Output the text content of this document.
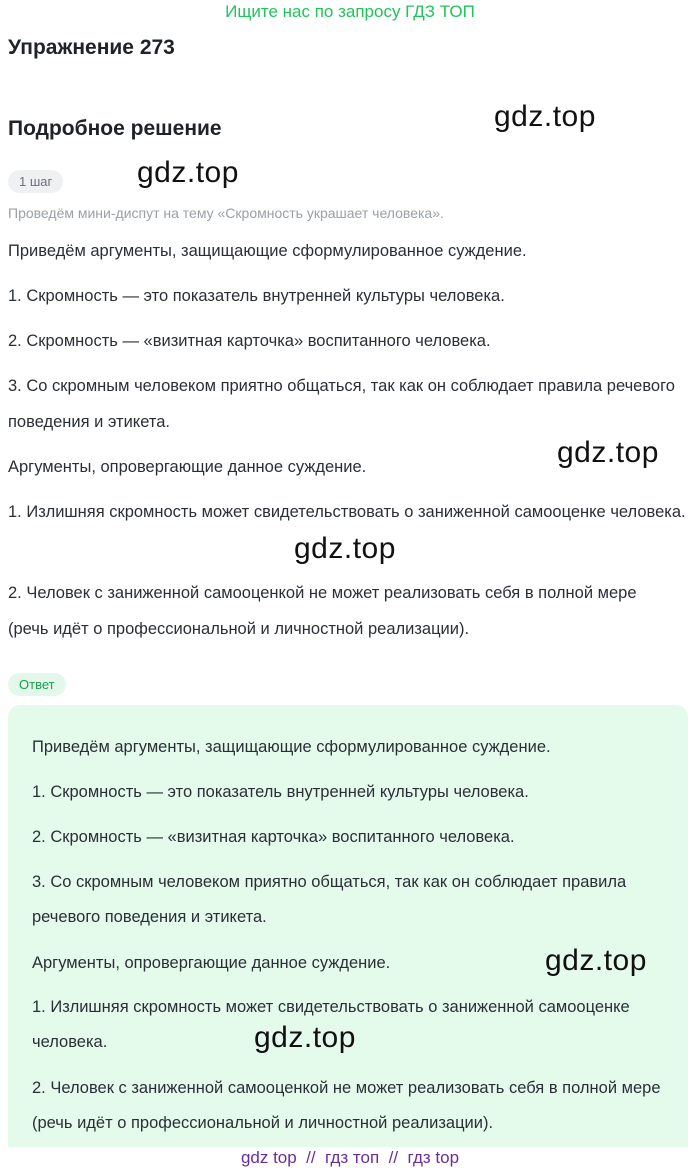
Ищите нас по запросу ГДЗ ТОП
Упражнение 273
gdz.top
Подробное решение
1 шаг	gdz.top
Проведём мини-диспут на тему «Скромность украшает человека».

Приведём аргументы, защищающие сформулированное суждение.

1. Скромность — это показатель внутренней культуры человека.

2. Скромность — «визитная карточка» воспитанного человека.

3. Со скромным человеком приятно общаться, так как он соблюдает правила речевого поведения и этикета.

Аргументы, опровергающие данное суждение.	gdz.top

1. Излишняя скромность может свидетельствовать о заниженной самооценке человека.

gdz.top

2. Человек с заниженной самооценкой не может реализовать себя в полной мере (речь идёт о профессиональной и личностной реализации).

Ответ

Приведём аргументы, защищающие сформулированное суждение.

1. Скромность — это показатель внутренней культуры человека.

2. Скромность — «визитная карточка» воспитанного человека.

3. Со скромным человеком приятно общаться, так как он соблюдает правила речевого поведения и этикета.

Аргументы, опровергающие данное суждение.	gdz.top

1. Излишняя скромность может свидетельствовать о заниженной самооценке человека.	gdz.top

2. Человек с заниженной самооценкой не может реализовать себя в полной мере (речь идёт о профессиональной и личностной реализации).

gdz top  //  гдз топ  //  гдз top
